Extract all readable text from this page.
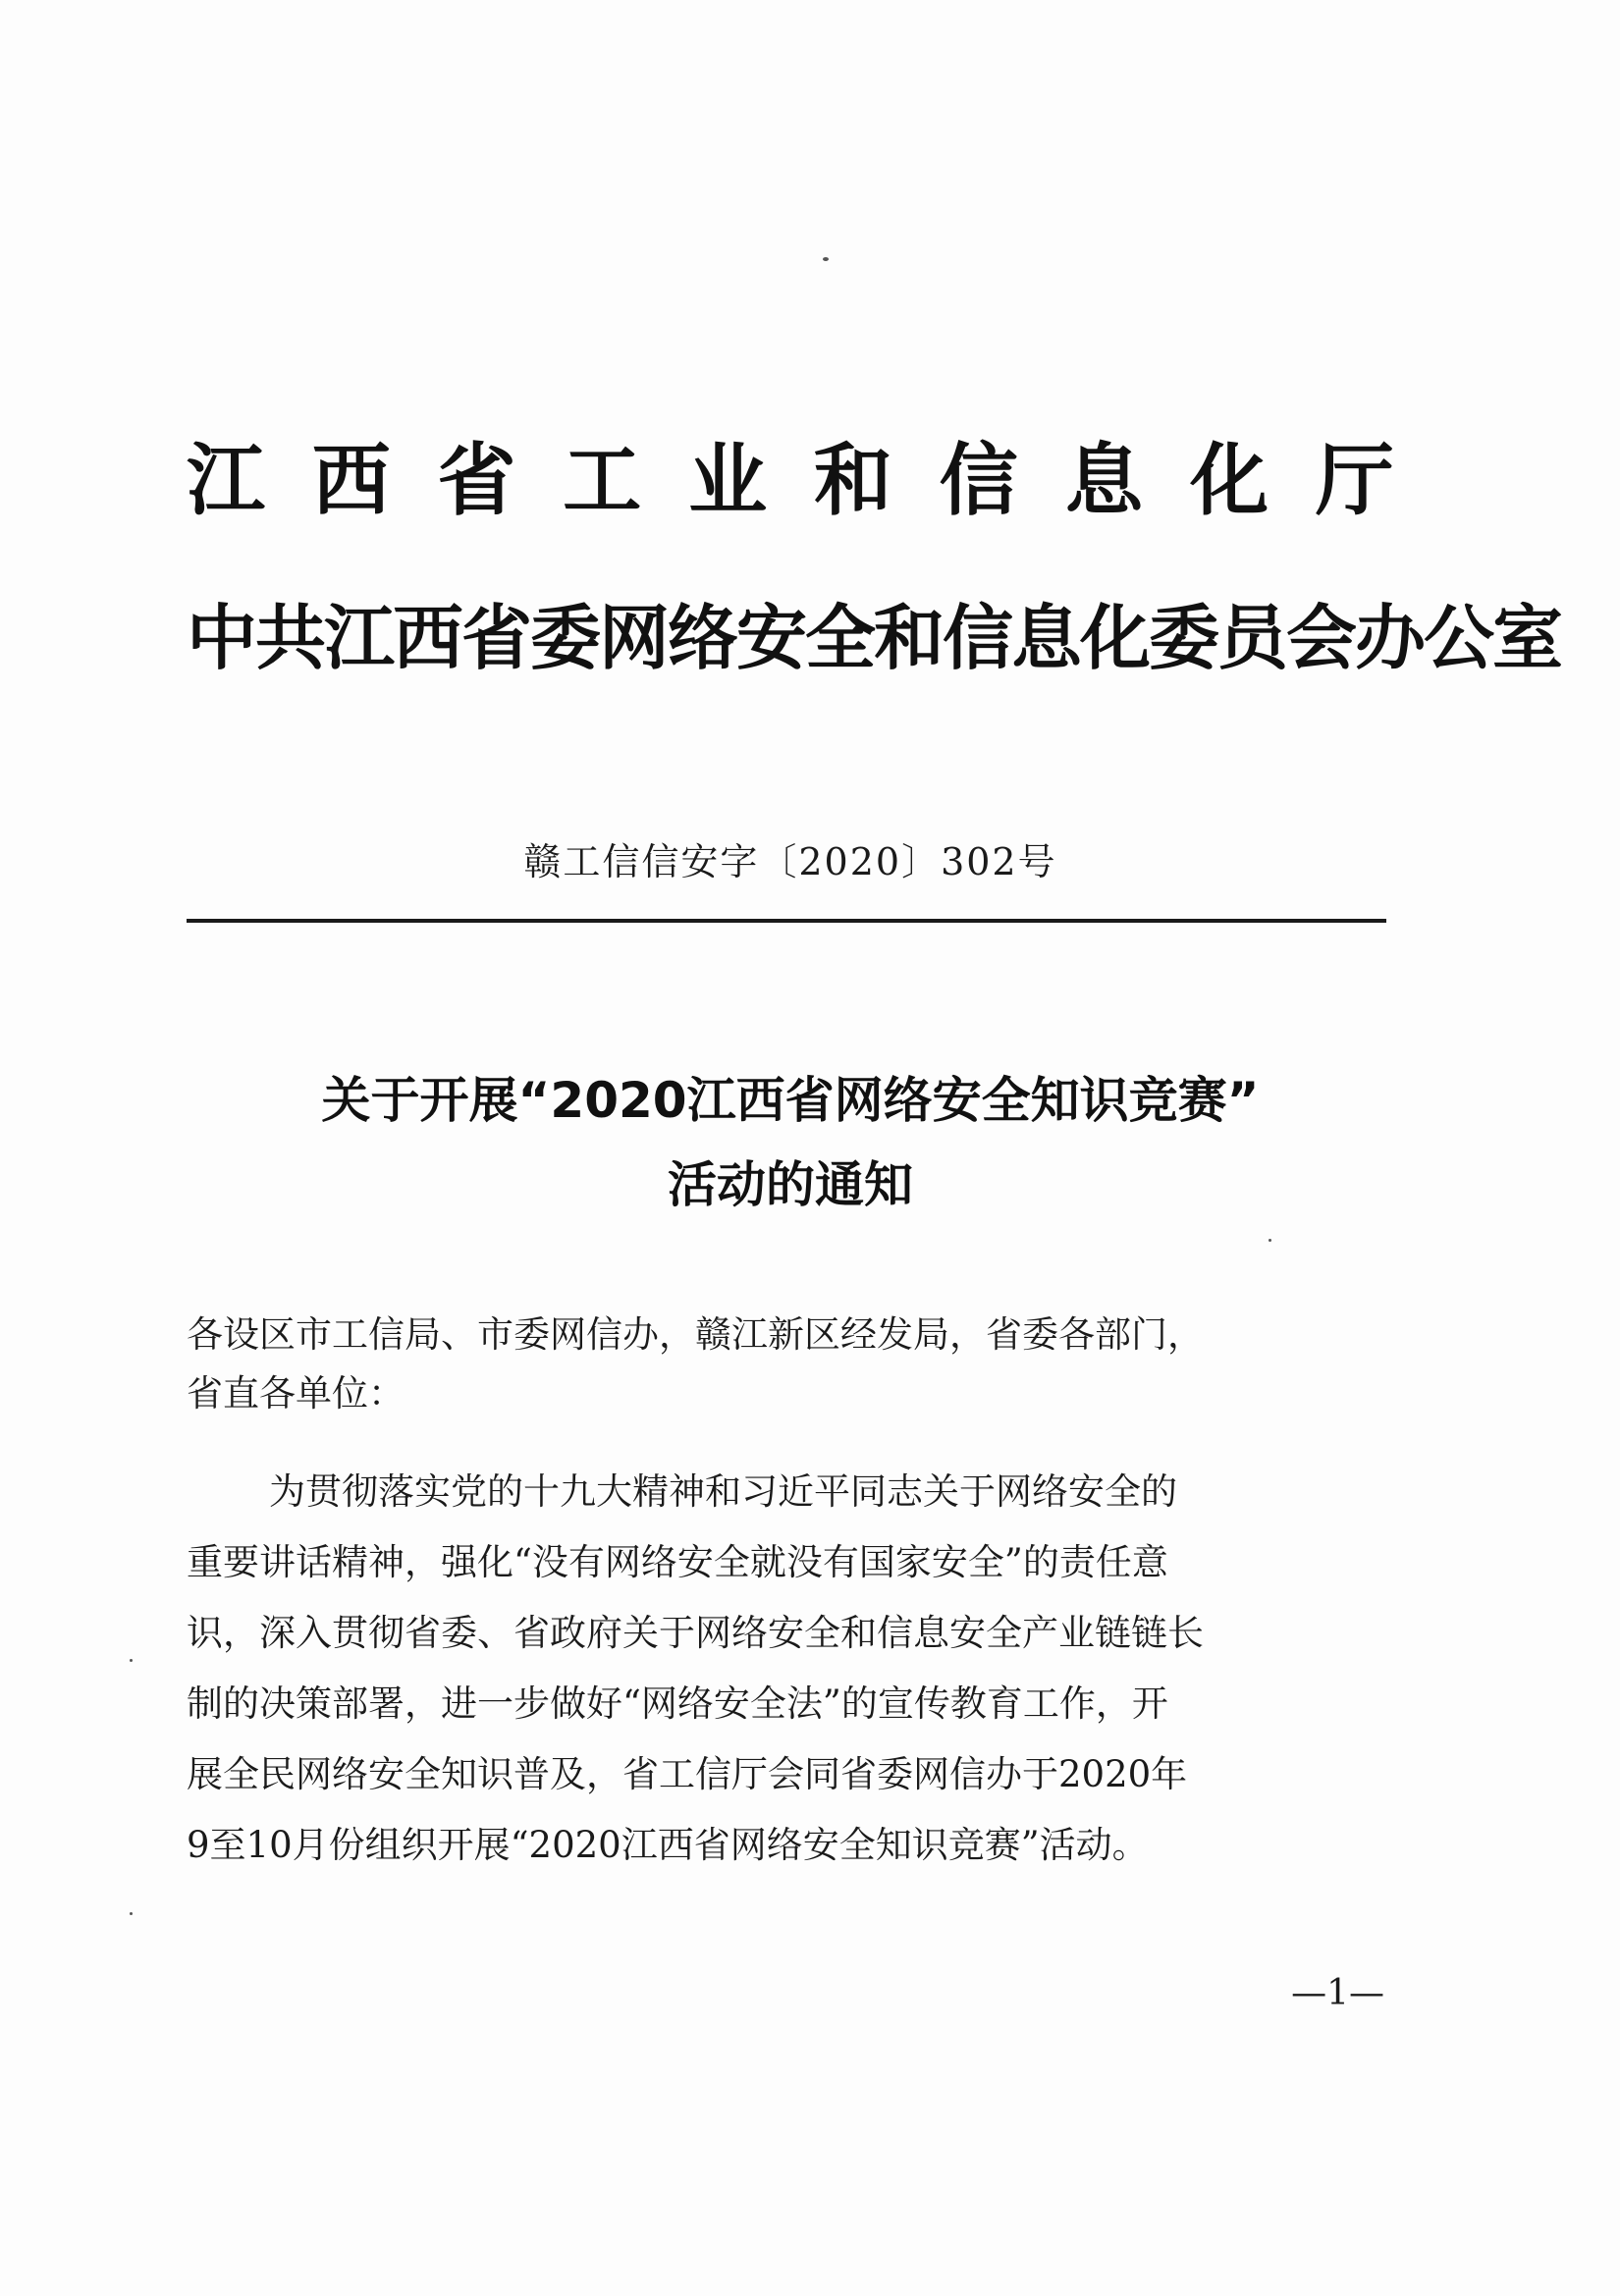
江 西 省 工 业 和 信 息 化 厅
中共江西省委网络安全和信息化委员会办公室
赣工信信安字〔2020〕302号
关于开展“2020江西省网络安全知识竞赛”
活动的通知
各设区市工信局、市委网信办，赣江新区经发局，省委各部门，
省直各单位：
为贯彻落实党的十九大精神和习近平同志关于网络安全的
重要讲话精神，强化“没有网络安全就没有国家安全”的责任意
识，深入贯彻省委、省政府关于网络安全和信息安全产业链链长
制的决策部署，进一步做好“网络安全法”的宣传教育工作，开
展全民网络安全知识普及，省工信厅会同省委网信办于2020年
9至10月份组织开展“2020江西省网络安全知识竞赛”活动。
—1—
